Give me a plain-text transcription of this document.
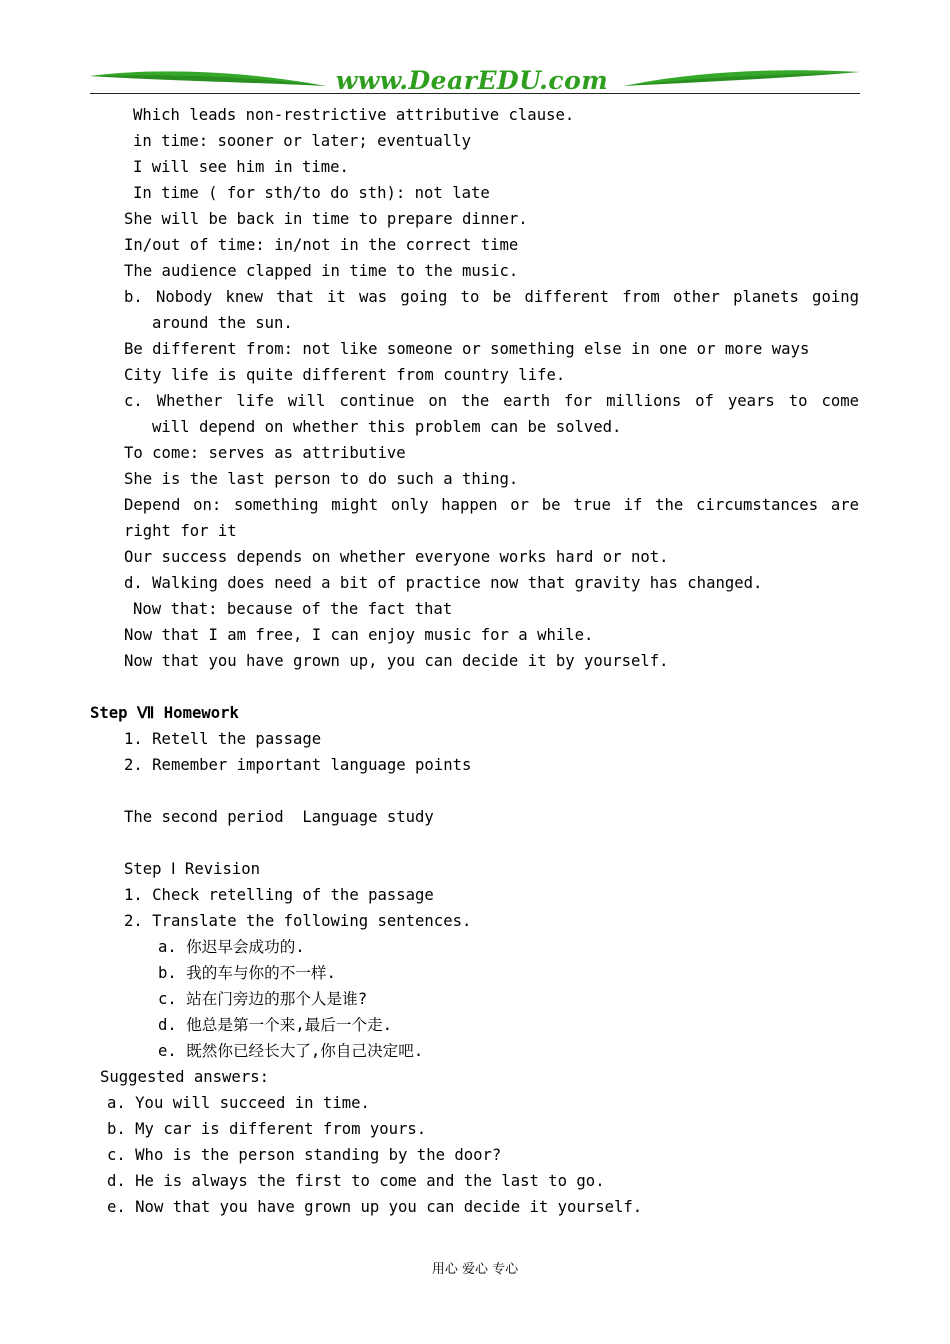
www.DearEDU.com
Which leads non-restrictive attributive clause.
in time: sooner or later; eventually
I will see him in time.
In time ( for sth/to do sth): not late
She will be back in time to prepare dinner.
In/out of time: in/not in the correct time
The audience clapped in time to the music.
b. Nobody knew that it was going to be different from other planets going
around the sun.
Be different from: not like someone or something else in one or more ways
City life is quite different from country life.
c. Whether life will continue on the earth for millions of years to come
will depend on whether this problem can be solved.
To come: serves as attributive
She is the last person to do such a thing.
Depend on: something might only happen or be true if the circumstances are
right for it
Our success depends on whether everyone works hard or not.
d. Walking does need a bit of practice now that gravity has changed.
Now that: because of the fact that
Now that I am free, I can enjoy music for a while.
Now that you have grown up, you can decide it by yourself.
Step Ⅶ Homework
1. Retell the passage
2. Remember important language points
The second period  Language study
Step Ⅰ Revision
1. Check retelling of the passage
2. Translate the following sentences.
a. 你迟早会成功的.
b. 我的车与你的不一样.
c. 站在门旁边的那个人是谁?
d. 他总是第一个来,最后一个走.
e. 既然你已经长大了,你自己决定吧.
Suggested answers:
a. You will succeed in time.
b. My car is different from yours.
c. Who is the person standing by the door?
d. He is always the first to come and the last to go.
e. Now that you have grown up you can decide it yourself.
用心 爱心 专心
